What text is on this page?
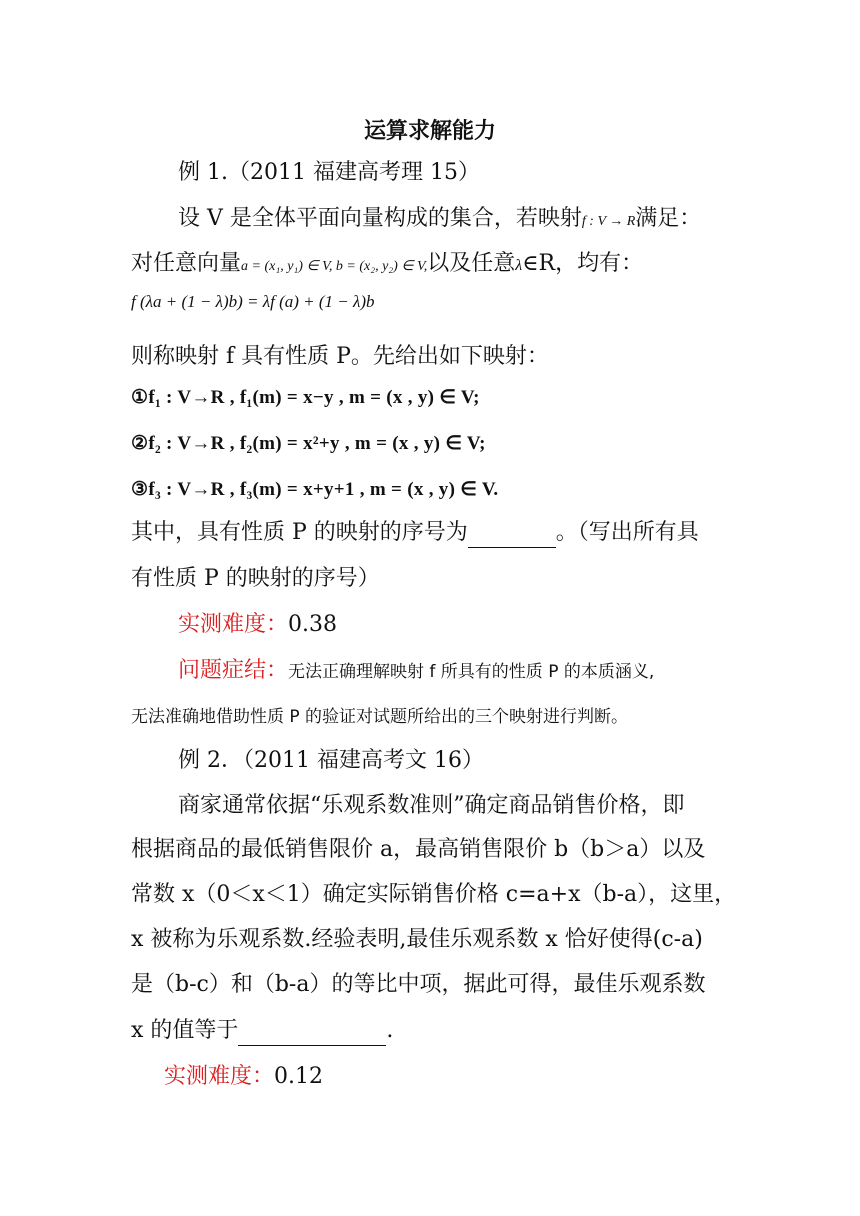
运算求解能力
例 1.（2011 福建高考理 15）
设 V 是全体平面向量构成的集合，若映射f : V → R满足：
对任意向量a = (x₁, y₁) ∈ V, b = (x₂, y₂) ∈ V,以及任意λ∈R，均有：
f (λa + (1 − λ)b) = λf (a) + (1 − λ)b
则称映射 f 具有性质 P。先给出如下映射：
①f₁ : V→R , f₁(m) = x−y , m = (x , y) ∈ V;
②f₂ : V→R , f₂(m) = x²+y , m = (x , y) ∈ V;
③f₃ : V→R , f₃(m) = x+y+1 , m = (x , y) ∈ V.
其中，具有性质 P 的映射的序号为	。（写出所有具
有性质 P 的映射的序号）
实测难度：0.38
问题症结：无法正确理解映射 f 所具有的性质 P 的本质涵义,
无法准确地借助性质 P 的验证对试题所给出的三个映射进行判断。
例 2．（2011 福建高考文 16）
商家通常依据“乐观系数准则”确定商品销售价格，即
根据商品的最低销售限价 a，最高销售限价 b（b＞a）以及
常数 x（0＜x＜1）确定实际销售价格 c=a+x（b-a），这里，
x 被称为乐观系数.经验表明,最佳乐观系数 x 恰好使得(c-a)
是（b-c）和（b-a）的等比中项，据此可得，最佳乐观系数
x 的值等于	.
实测难度：0.12
